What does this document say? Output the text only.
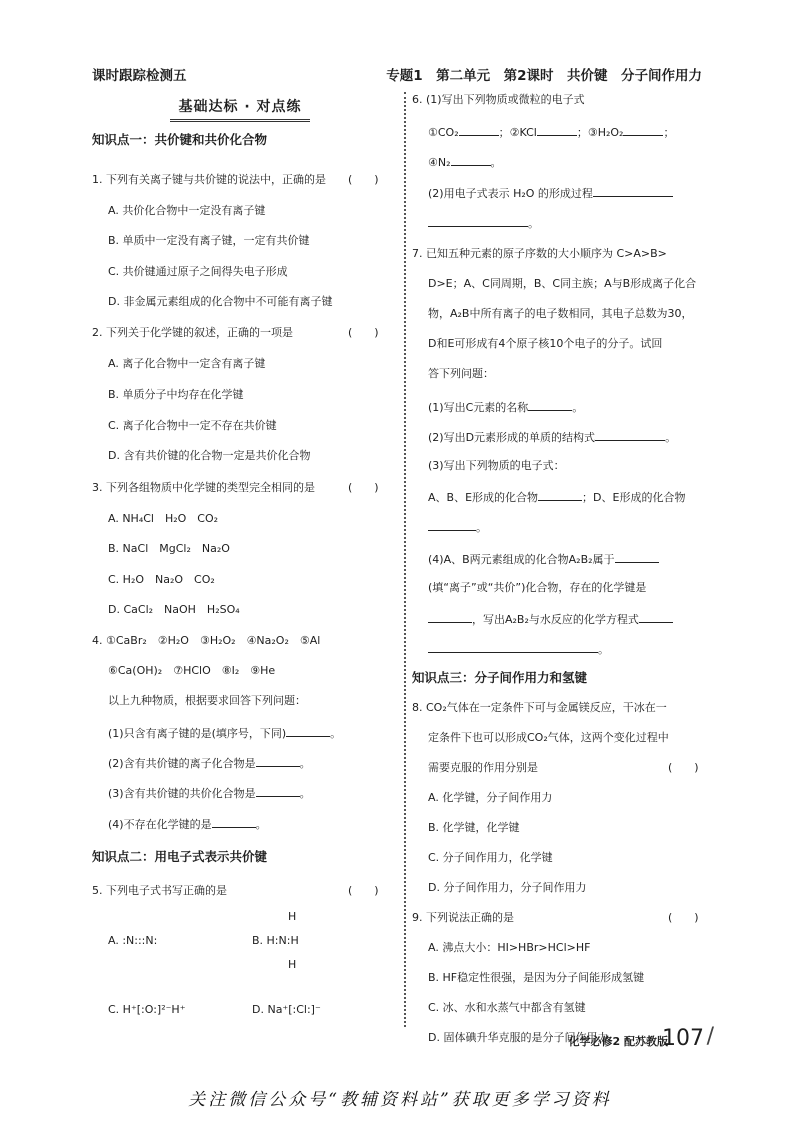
课时跟踪检测五	专题1　第二单元　第2课时　共价键　分子间作用力
基础达标 · 对点练
知识点一：共价键和共价化合物
1. 下列有关离子键与共价键的说法中，正确的是 (　　)
A. 共价化合物中一定没有离子键
B. 单质中一定没有离子键，一定有共价键
C. 共价键通过原子之间得失电子形成
D. 非金属元素组成的化合物中不可能有离子键
2. 下列关于化学键的叙述，正确的一项是	(　　)
A. 离子化合物中一定含有离子键
B. 单质分子中均存在化学键
C. 离子化合物中一定不存在共价键
D. 含有共价键的化合物一定是共价化合物
3. 下列各组物质中化学键的类型完全相同的是	(　　)
A. NH₄Cl　H₂O　CO₂
B. NaCl　MgCl₂　Na₂O
C. H₂O　Na₂O　CO₂
D. CaCl₂　NaOH　H₂SO₄
4. ①CaBr₂　②H₂O　③H₂O₂　④Na₂O₂　⑤Al
⑥Ca(OH)₂　⑦HClO　⑧I₂　⑨He
以上九种物质，根据要求回答下列问题：
(1)只含有离子键的是(填序号，下同)	。
(2)含有共价键的离子化合物是	。
(3)含有共价键的共价化合物是	。
(4)不存在化学键的是	。
知识点二：用电子式表示共价键
5. 下列电子式书写正确的是	(　　)
A. :N:::N:
H
B. H:N:H
H
C. H⁺[:O:]²⁻H⁺	D. Na⁺[:Cl:]⁻
6. (1)写出下列物质或微粒的电子式
①CO₂	；②KCl	；③H₂O₂	；
④N₂	。
(2)用电子式表示 H₂O 的形成过程
。
7. 已知五种元素的原子序数的大小顺序为 C>A>B>
D>E；A、C同周期，B、C同主族；A与B形成离子化合
物，A₂B中所有离子的电子数相同，其电子总数为30，
D和E可形成有4个原子核10个电子的分子。试回
答下列问题：
(1)写出C元素的名称	。
(2)写出D元素形成的单质的结构式	。
(3)写出下列物质的电子式：
A、B、E形成的化合物	；D、E形成的化合物
。
(4)A、B两元素组成的化合物A₂B₂属于
(填“离子”或“共价”)化合物，存在的化学键是
，写出A₂B₂与水反应的化学方程式
。
知识点三：分子间作用力和氢键
8. CO₂气体在一定条件下可与金属镁反应，干冰在一
定条件下也可以形成CO₂气体，这两个变化过程中
需要克服的作用分别是	(　　)
A. 化学键，分子间作用力
B. 化学键，化学键
C. 分子间作用力，化学键
D. 分子间作用力，分子间作用力
9. 下列说法正确的是	(　　)
A. 沸点大小：HI>HBr>HCl>HF
B. HF稳定性很强，是因为分子间能形成氢键
C. 冰、水和水蒸气中都含有氢键
D. 固体碘升华克服的是分子间作用力
化学必修2 配苏教版
107 /
关注微信公众号“教辅资料站”获取更多学习资料
